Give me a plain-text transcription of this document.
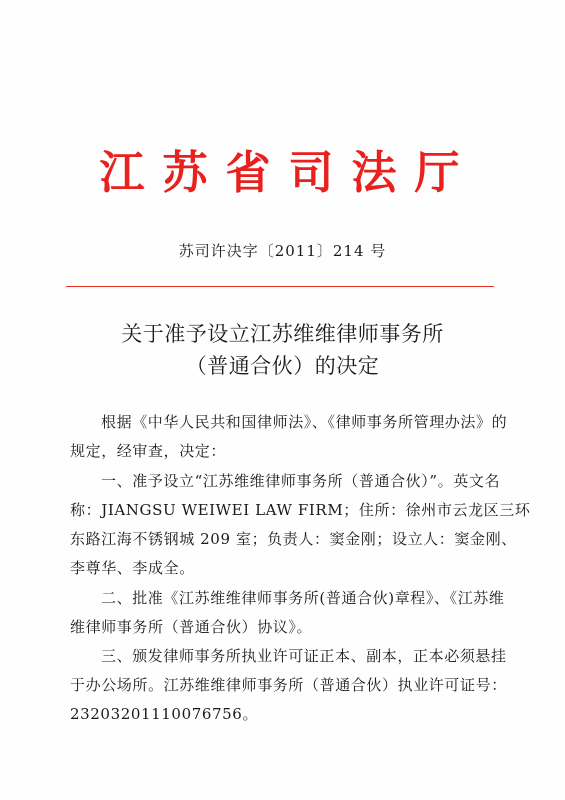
江苏省司法厅
苏司许决字〔2011〕214 号
关于准予设立江苏维维律师事务所
（普通合伙）的决定
根据《中华人民共和国律师法》、《律师事务所管理办法》的
规定，经审查，决定：
一、准予设立“江苏维维律师事务所（普通合伙）”。英文名
称：JIANGSU WEIWEI LAW FIRM；住所：徐州市云龙区三环
东路江海不锈钢城 209 室；负责人：窦金刚；设立人：窦金刚、
李尊华、李成全。
二、批准《江苏维维律师事务所(普通合伙)章程》、《江苏维
维律师事务所（普通合伙）协议》。
三、颁发律师事务所执业许可证正本、副本，正本必须悬挂
于办公场所。江苏维维律师事务所（普通合伙）执业许可证号：
23203201110076756。
